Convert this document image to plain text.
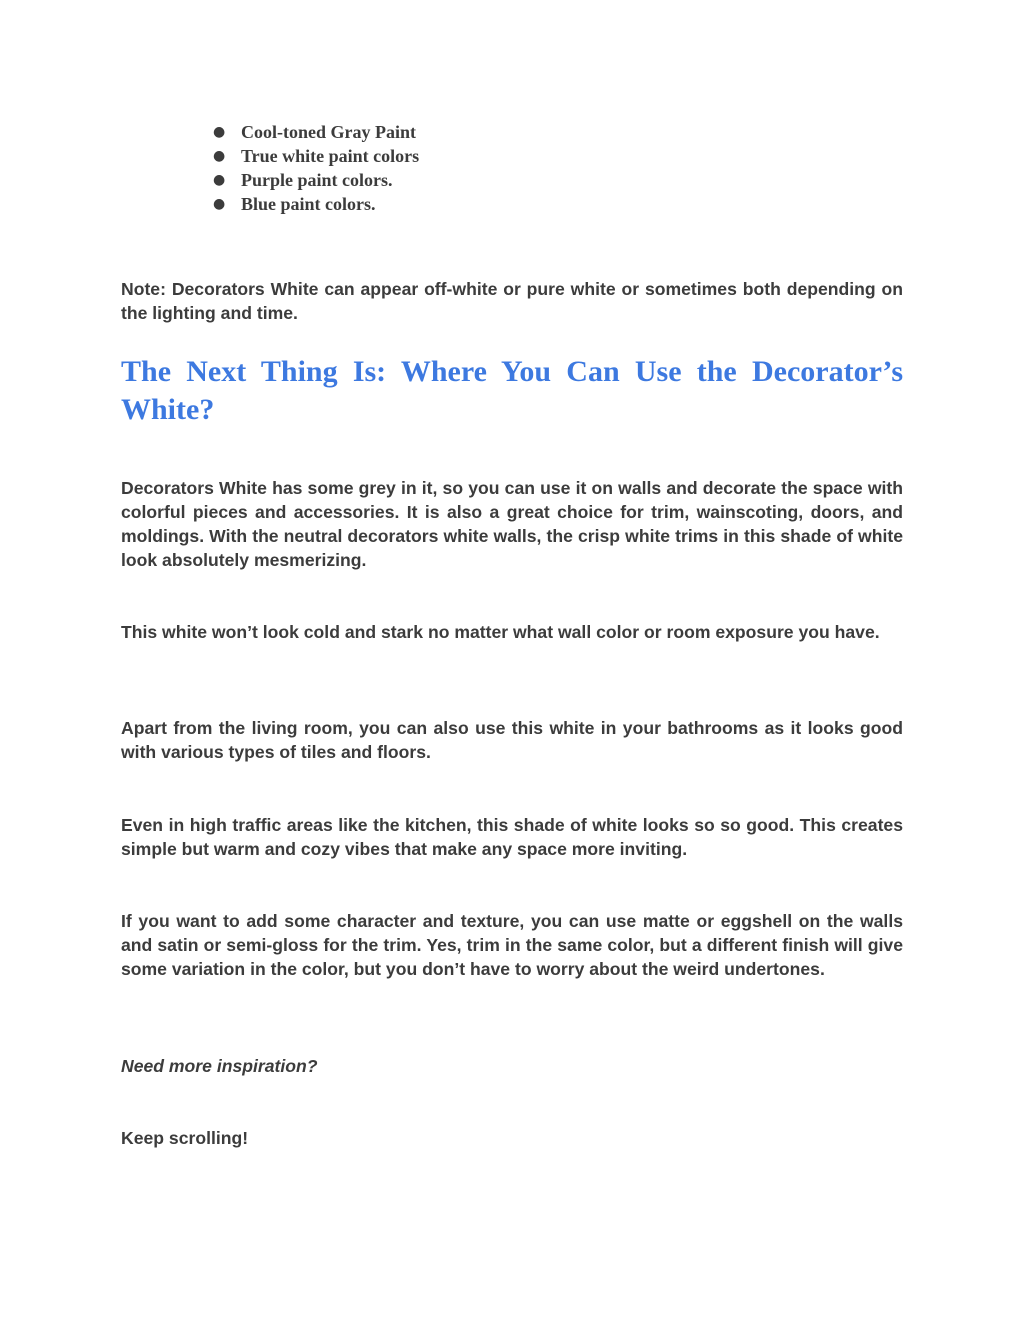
● Cool-toned Gray Paint
● True white paint colors
● Purple paint colors.
● Blue paint colors.

Note: Decorators White can appear off-white or pure white or sometimes both depending on the lighting and time.

The Next Thing Is: Where You Can Use the Decorator’s White?

Decorators White has some grey in it, so you can use it on walls and decorate the space with colorful pieces and accessories. It is also a great choice for trim, wainscoting, doors, and moldings. With the neutral decorators white walls, the crisp white trims in this shade of white look absolutely mesmerizing.

This white won’t look cold and stark no matter what wall color or room exposure you have.

Apart from the living room, you can also use this white in your bathrooms as it looks good with various types of tiles and floors.

Even in high traffic areas like the kitchen, this shade of white looks so so good. This creates simple but warm and cozy vibes that make any space more inviting.

If you want to add some character and texture, you can use matte or eggshell on the walls and satin or semi-gloss for the trim. Yes, trim in the same color, but a different finish will give some variation in the color, but you don’t have to worry about the weird undertones.

Need more inspiration?

Keep scrolling!
